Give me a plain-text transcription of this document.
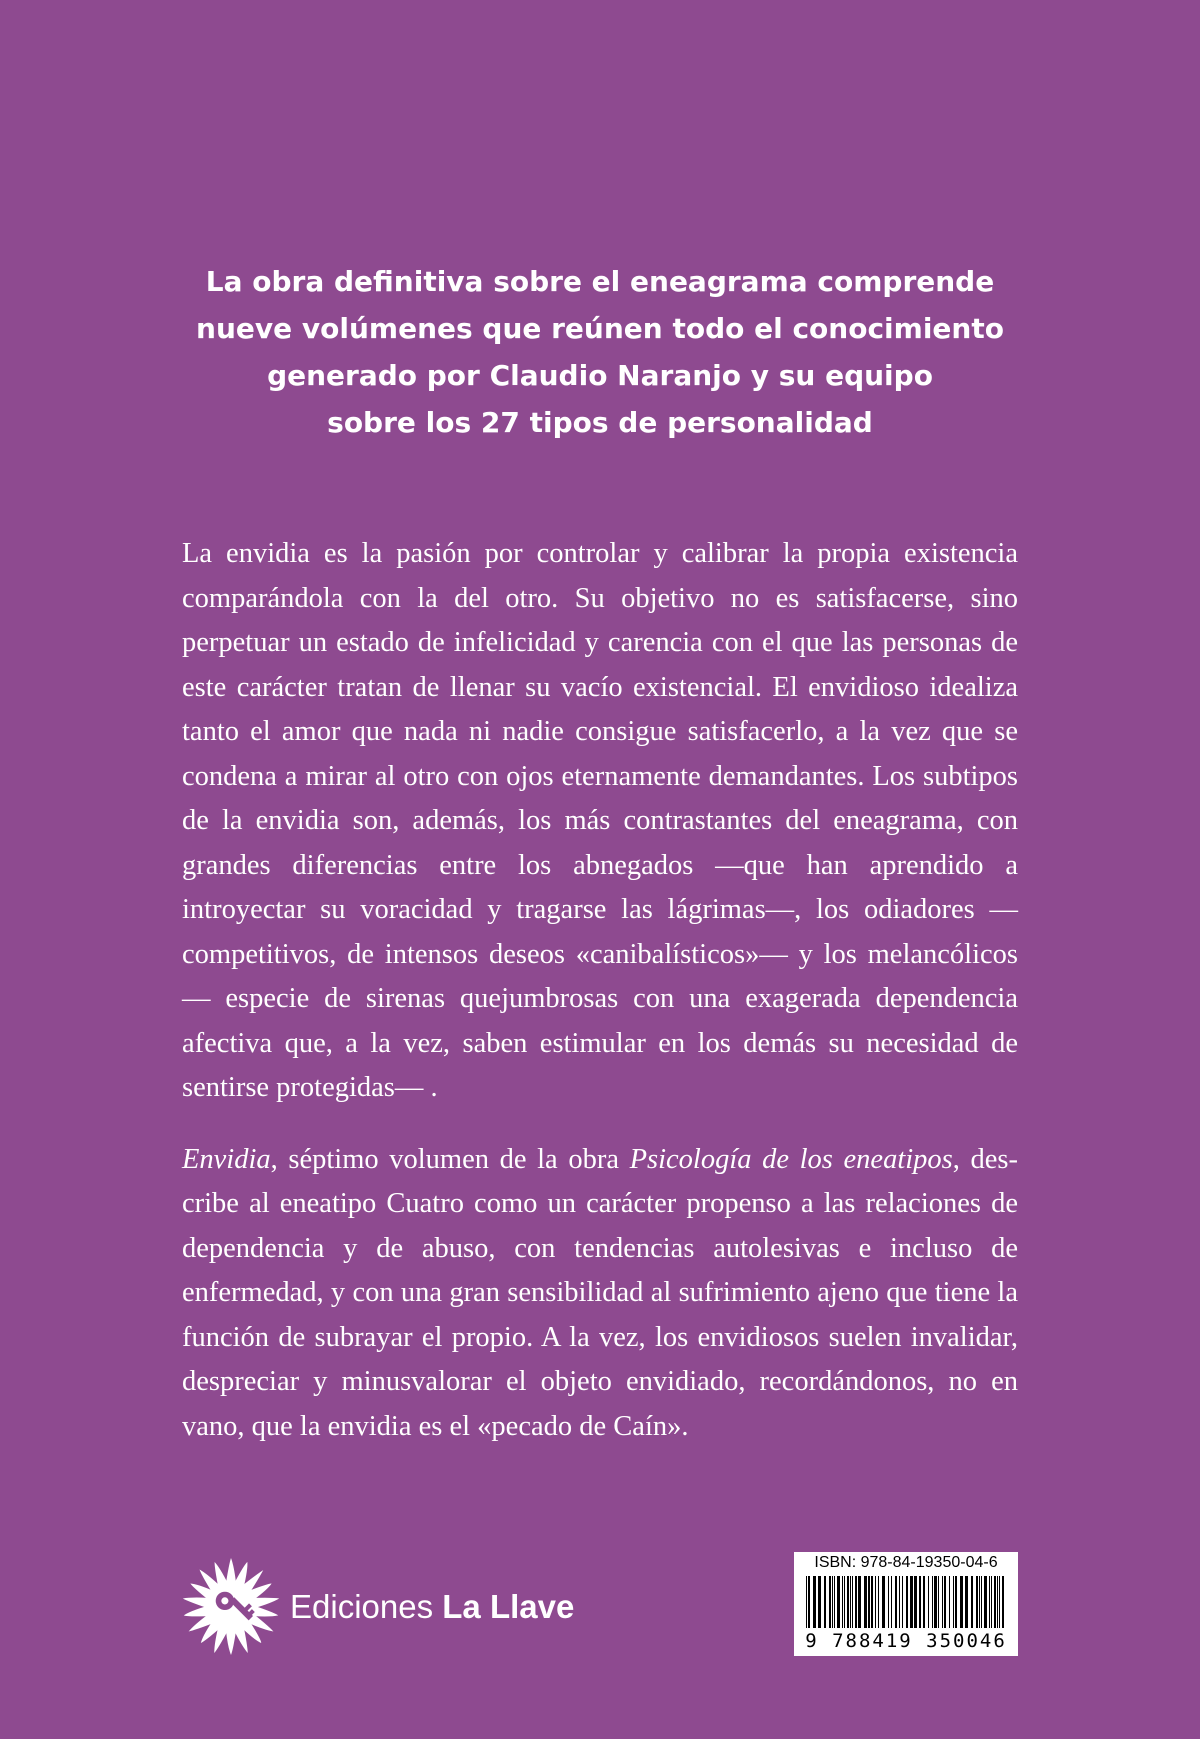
La obra definitiva sobre el eneagrama comprende
nueve volúmenes que reúnen todo el conocimiento
generado por Claudio Naranjo y su equipo
sobre los 27 tipos de personalidad

La envidia es la pasión por controlar y calibrar la propia existencia comparándola con la del otro. Su objetivo no es satisfacerse, sino perpetuar un estado de infelicidad y carencia con el que las personas de este carácter tratan de llenar su vacío existencial. El envidioso idealiza tanto el amor que nada ni nadie consigue satisfacerlo, a la vez que se condena a mirar al otro con ojos eternamente demandantes. Los subtipos de la envidia son, además, los más contrastantes del eneagrama, con grandes diferencias entre los abnegados —que han aprendido a introyectar su voracidad y tragarse las lágrimas—, los odiadores —competitivos, de intensos deseos «canibalísticos»— y los melancólicos— especie de sirenas quejumbrosas con una exagerada dependencia afectiva que, a la vez, saben estimular en los demás su necesidad de sentirse protegidas— .

Envidia, séptimo volumen de la obra Psicología de los eneatipos, describe al eneatipo Cuatro como un carácter propenso a las relaciones de dependencia y de abuso, con tendencias autolesivas e incluso de enfermedad, y con una gran sensibilidad al sufrimiento ajeno que tiene la función de subrayar el propio. A la vez, los envidiosos suelen invalidar, despreciar y minusvalorar el objeto envidiado, recordándonos, no en vano, que la envidia es el «pecado de Caín».

Ediciones La Llave
ISBN: 978-84-19350-04-6
9 788419 350046
